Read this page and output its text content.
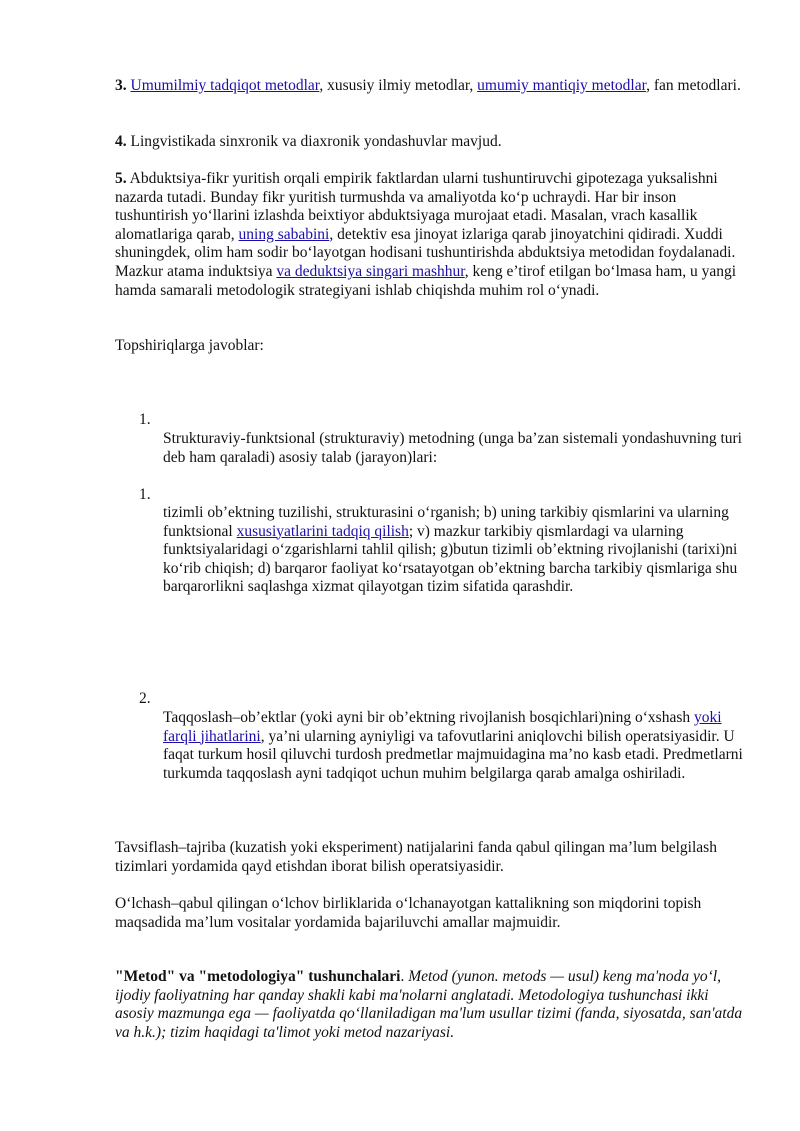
3. Umumilmiy tadqiqot metodlar, xususiy ilmiy metodlar, umumiy mantiqiy metodlar, fan metodlari.

4. Lingvistikada sinxronik va diaxronik yondashuvlar mavjud.

5. Abduktsiya-fikr yuritish orqali empirik faktlardan ularni tushuntiruvchi gipotezaga yuksalishni nazarda tutadi. Bunday fikr yuritish turmushda va amaliyotda ko‘p uchraydi. Har bir inson tushuntirish yo‘llarini izlashda beixtiyor abduktsiyaga murojaat etadi. Masalan, vrach kasallik alomatlariga qarab, uning sababini, detektiv esa jinoyat izlariga qarab jinoyatchini qidiradi. Xuddi shuningdek, olim ham sodir bo‘layotgan hodisani tushuntirishda abduktsiya metodidan foydalanadi. Mazkur atama induktsiya va deduktsiya singari mashhur, keng e’tirof etilgan bo‘lmasa ham, u yangi hamda samarali metodologik strategiyani ishlab chiqishda muhim rol o‘ynadi.

Topshiriqlarga javoblar:

1.

Strukturaviy-funktsional (strukturaviy) metodning (unga ba’zan sistemali yondashuvning turi deb ham qaraladi) asosiy talab (jarayon)lari:

1.

tizimli ob’ektning tuzilishi, strukturasini o‘rganish; b) uning tarkibiy qismlarini va ularning funktsional xususiyatlarini tadqiq qilish; v) mazkur tarkibiy qismlardagi va ularning funktsiyalaridagi o‘zgarishlarni tahlil qilish; g)butun tizimli ob’ektning rivojlanishi (tarixi)ni ko‘rib chiqish; d) barqaror faoliyat ko‘rsatayotgan ob’ektning barcha tarkibiy qismlariga shu barqarorlikni saqlashga xizmat qilayotgan tizim sifatida qarashdir.

2.

Taqqoslash–ob’ektlar (yoki ayni bir ob’ektning rivojlanish bosqichlari)ning o‘xshash yoki farqli jihatlarini, ya’ni ularning ayniyligi va tafovutlarini aniqlovchi bilish operatsiyasidir. U faqat turkum hosil qiluvchi turdosh predmetlar majmuidagina ma’no kasb etadi. Predmetlarni turkumda taqqoslash ayni tadqiqot uchun muhim belgilarga qarab amalga oshiriladi.

Tavsiflash–tajriba (kuzatish yoki eksperiment) natijalarini fanda qabul qilingan ma’lum belgilash tizimlari yordamida qayd etishdan iborat bilish operatsiyasidir.

O‘lchash–qabul qilingan o‘lchov birliklarida o‘lchanayotgan kattalikning son miqdorini topish maqsadida ma’lum vositalar yordamida bajariluvchi amallar majmuidir.

"Metod" va "metodologiya" tushunchalari. Metod (yunon. metods — usul) keng ma'noda yo‘l, ijodiy faoliyatning har qanday shakli kabi ma'nolarni anglatadi. Metodologiya tushunchasi ikki asosiy mazmunga ega — faoliyatda qo‘llaniladigan ma'lum usullar tizimi (fanda, siyosatda, san'atda va h.k.); tizim haqidagi ta'limot yoki metod nazariyasi.
